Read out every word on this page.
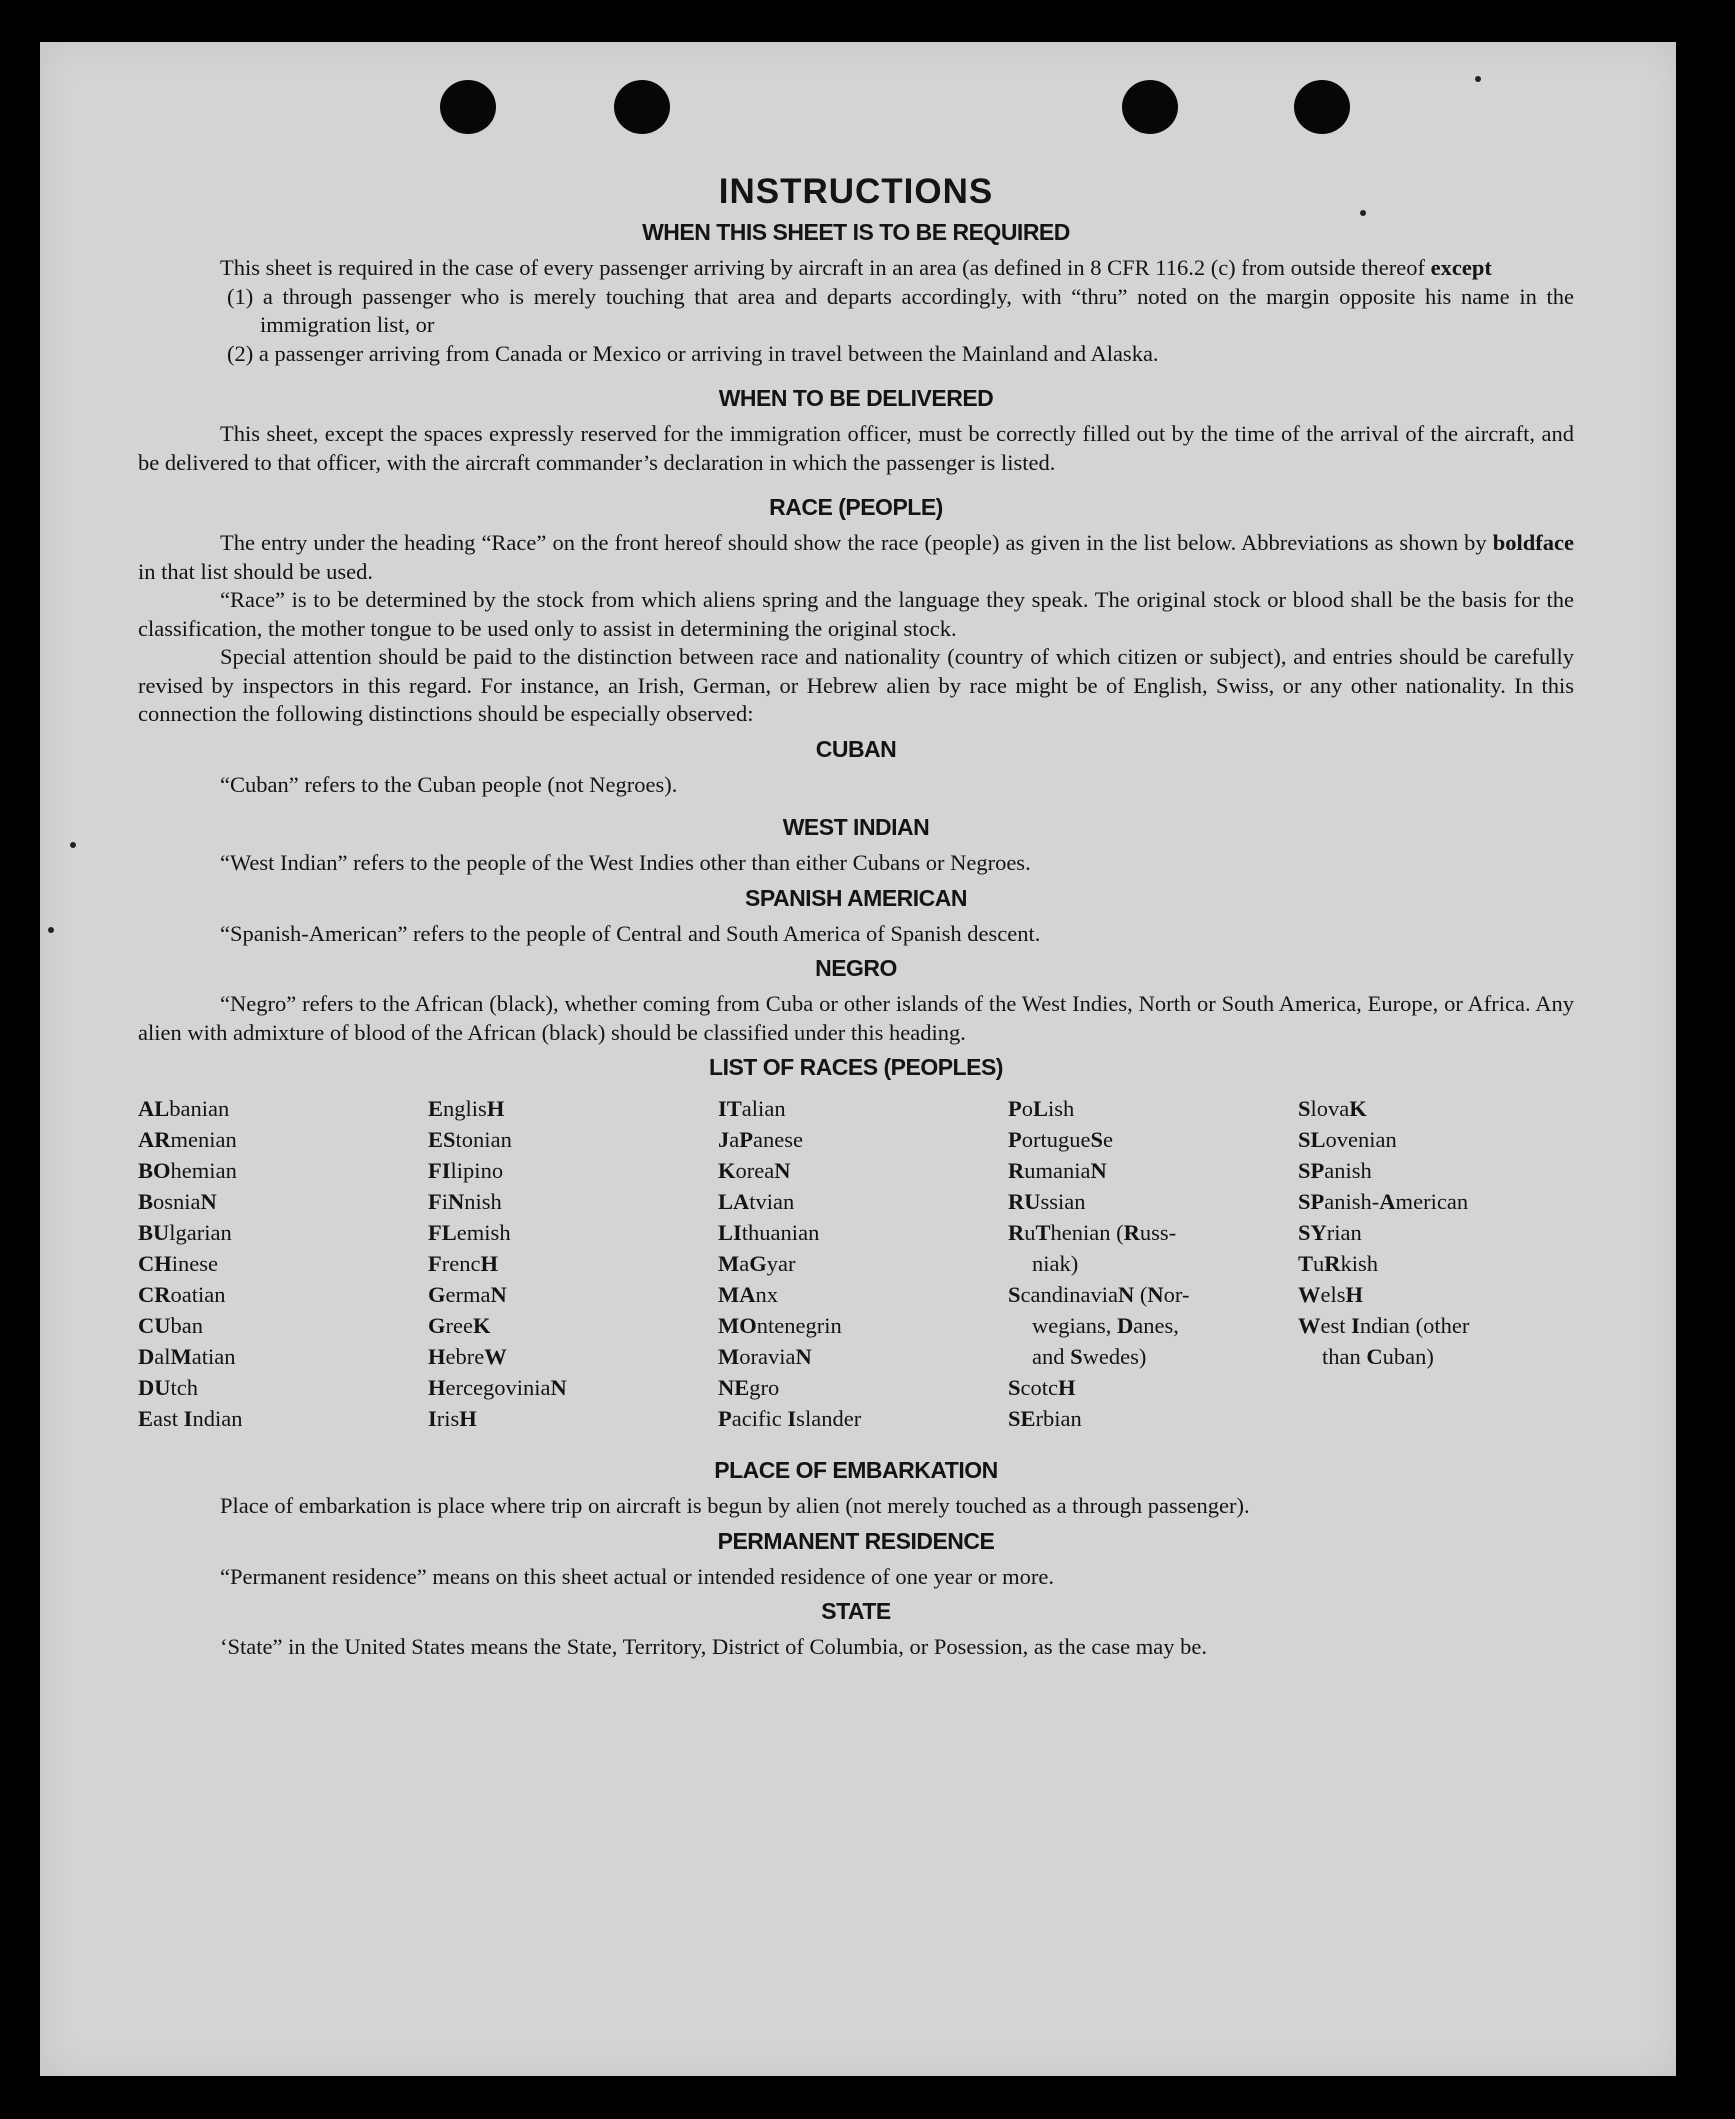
INSTRUCTIONS
WHEN THIS SHEET IS TO BE REQUIRED

This sheet is required in the case of every passenger arriving by aircraft in an area (as defined in 8 CFR 116.2 (c) from outside thereof except

(1) a through passenger who is merely touching that area and departs accordingly, with “thru” noted on the margin opposite his name in the immigration list, or

(2) a passenger arriving from Canada or Mexico or arriving in travel between the Mainland and Alaska.

WHEN TO BE DELIVERED

This sheet, except the spaces expressly reserved for the immigration officer, must be correctly filled out by the time of the arrival of the aircraft, and be delivered to that officer, with the aircraft commander’s declaration in which the passenger is listed.

RACE (PEOPLE)

The entry under the heading “Race” on the front hereof should show the race (people) as given in the list below. Abbreviations as shown by boldface in that list should be used.

“Race” is to be determined by the stock from which aliens spring and the language they speak. The original stock or blood shall be the basis for the classification, the mother tongue to be used only to assist in determining the original stock.

Special attention should be paid to the distinction between race and nationality (country of which citizen or subject), and entries should be carefully revised by inspectors in this regard. For instance, an Irish, German, or Hebrew alien by race might be of English, Swiss, or any other nationality. In this connection the following distinctions should be especially observed:

CUBAN

“Cuban” refers to the Cuban people (not Negroes).

WEST INDIAN

“West Indian” refers to the people of the West Indies other than either Cubans or Negroes.

SPANISH AMERICAN

“Spanish-American” refers to the people of Central and South America of Spanish descent.

NEGRO

“Negro” refers to the African (black), whether coming from Cuba or other islands of the West Indies, North or South America, Europe, or Africa. Any alien with admixture of blood of the African (black) should be classified under this heading.

LIST OF RACES (PEOPLES)
ALbanian
ARmenian
BOhemian
BosniaN
BUlgarian
CHinese
CRoatian
CUban
DalMatian
DUtch
East Indian
EnglisH
EStonian
FIlipino
FiNnish
FLemish
FrencH
GermaN
GreeK
HebreW
HercegoviniaN
IrisH
ITalian
JaPanese
KoreaN
LAtvian
LIthuanian
MaGyar
MAnx
MOntenegrin
MoraviaN
NEgro
Pacific Islander
PoLish
PortugueSe
RumaniaN
RUssian
RuThenian (Russ-
niak)
ScandinaviaN (Nor-
wegians, Danes,
and Swedes)
ScotcH
SErbian
SlovaK
SLovenian
SPanish
SPanish-American
SYrian
TuRkish
WelsH
West Indian (other
than Cuban)
PLACE OF EMBARKATION

Place of embarkation is place where trip on aircraft is begun by alien (not merely touched as a through passenger).

PERMANENT RESIDENCE

“Permanent residence” means on this sheet actual or intended residence of one year or more.

STATE

‘State” in the United States means the State, Territory, District of Columbia, or Posession, as the case may be.
